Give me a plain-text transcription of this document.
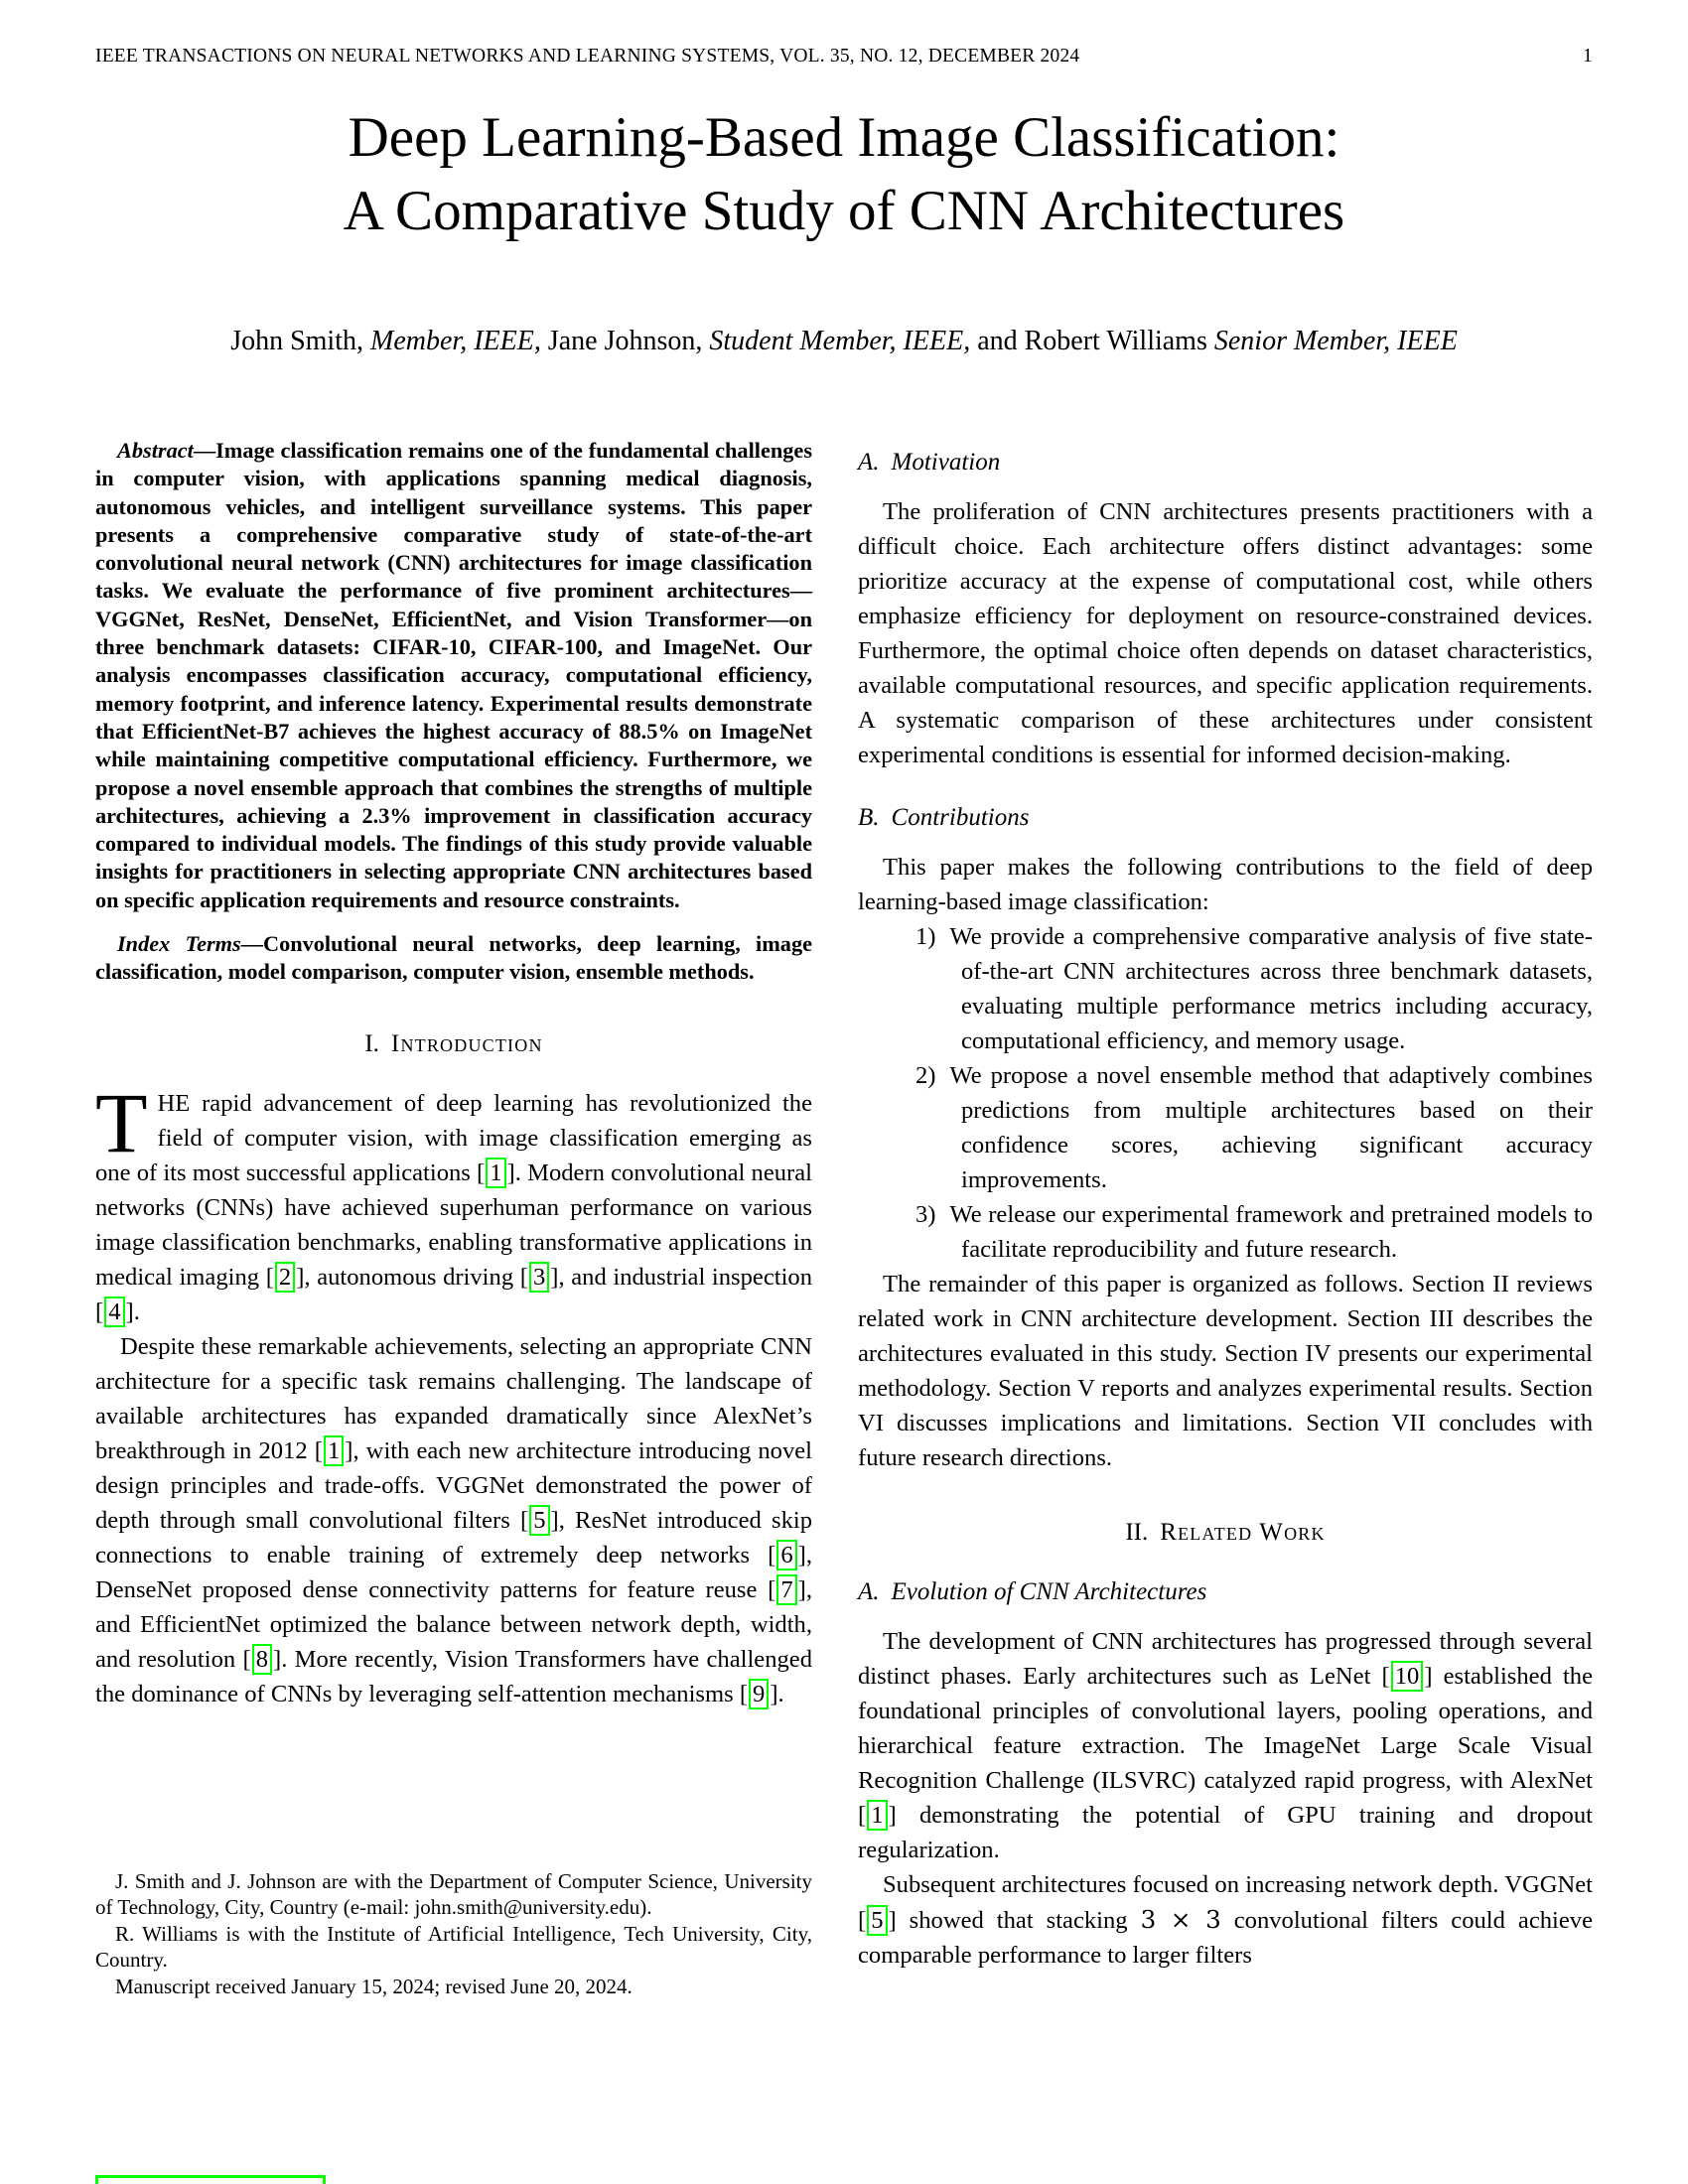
IEEE TRANSACTIONS ON NEURAL NETWORKS AND LEARNING SYSTEMS, VOL. 35, NO. 12, DECEMBER 2024	1
Deep Learning-Based Image Classification:
A Comparative Study of CNN Architectures
John Smith, Member, IEEE, Jane Johnson, Student Member, IEEE, and Robert Williams Senior Member, IEEE

Abstract—Image classification remains one of the fundamental challenges in computer vision, with applications spanning medical diagnosis, autonomous vehicles, and intelligent surveillance systems. This paper presents a comprehensive comparative study of state-of-the-art convolutional neural network (CNN) architectures for image classification tasks. We evaluate the performance of five prominent architectures—VGGNet, ResNet, DenseNet, EfficientNet, and Vision Transformer—on three benchmark datasets: CIFAR-10, CIFAR-100, and ImageNet. Our analysis encompasses classification accuracy, computational efficiency, memory footprint, and inference latency. Experimental results demonstrate that EfficientNet-B7 achieves the highest accuracy of 88.5% on ImageNet while maintaining competitive computational efficiency. Furthermore, we propose a novel ensemble approach that combines the strengths of multiple architectures, achieving a 2.3% improvement in classification accuracy compared to individual models. The findings of this study provide valuable insights for practitioners in selecting appropriate CNN architectures based on specific application requirements and resource constraints.

Index Terms—Convolutional neural networks, deep learning, image classification, model comparison, computer vision, ensemble methods.

I. Introduction

THE rapid advancement of deep learning has revolutionized the field of computer vision, with image classification emerging as one of its most successful applications [ 1 ]. Modern convolutional neural networks (CNNs) have achieved superhuman performance on various image classification benchmarks, enabling transformative applications in medical imaging [ 2 ], autonomous driving [ 3 ], and industrial inspection [ 4 ].

Despite these remarkable achievements, selecting an appropriate CNN architecture for a specific task remains challenging. The landscape of available architectures has expanded dramatically since AlexNet’s breakthrough in 2012 [ 1 ], with each new architecture introducing novel design principles and trade-offs. VGGNet demonstrated the power of depth through small convolutional filters [ 5 ], ResNet introduced skip connections to enable training of extremely deep networks [ 6 ], DenseNet proposed dense connectivity patterns for feature reuse [ 7 ], and EfficientNet optimized the balance between network depth, width, and resolution [ 8 ]. More recently, Vision Transformers have challenged the dominance of CNNs by leveraging self-attention mechanisms [ 9 ].

J. Smith and J. Johnson are with the Department of Computer Science, University of Technology, City, Country (e-mail: john.smith@university.edu).

R. Williams is with the Institute of Artificial Intelligence, Tech University, City, Country.

Manuscript received January 15, 2024; revised June 20, 2024.

A. Motivation

The proliferation of CNN architectures presents practitioners with a difficult choice. Each architecture offers distinct advantages: some prioritize accuracy at the expense of computational cost, while others emphasize efficiency for deployment on resource-constrained devices. Furthermore, the optimal choice often depends on dataset characteristics, available computational resources, and specific application requirements. A systematic comparison of these architectures under consistent experimental conditions is essential for informed decision-making.

B. Contributions

This paper makes the following contributions to the field of deep learning-based image classification:

1) We provide a comprehensive comparative analysis of five state-of-the-art CNN architectures across three benchmark datasets, evaluating multiple performance metrics including accuracy, computational efficiency, and memory usage.

2) We propose a novel ensemble method that adaptively combines predictions from multiple architectures based on their confidence scores, achieving significant accuracy improvements.

3) We release our experimental framework and pretrained models to facilitate reproducibility and future research.

The remainder of this paper is organized as follows. Section II reviews related work in CNN architecture development. Section III describes the architectures evaluated in this study. Section IV presents our experimental methodology. Section V reports and analyzes experimental results. Section VI discusses implications and limitations. Section VII concludes with future research directions.

II. Related Work
A. Evolution of CNN Architectures

The development of CNN architectures has progressed through several distinct phases. Early architectures such as LeNet [ 10 ] established the foundational principles of convolutional layers, pooling operations, and hierarchical feature extraction. The ImageNet Large Scale Visual Recognition Challenge (ILSVRC) catalyzed rapid progress, with AlexNet [ 1 ] demonstrating the potential of GPU training and dropout regularization.

Subsequent architectures focused on increasing network depth. VGGNet [ 5 ] showed that stacking 3 × 3 convolutional filters could achieve comparable performance to larger filters
